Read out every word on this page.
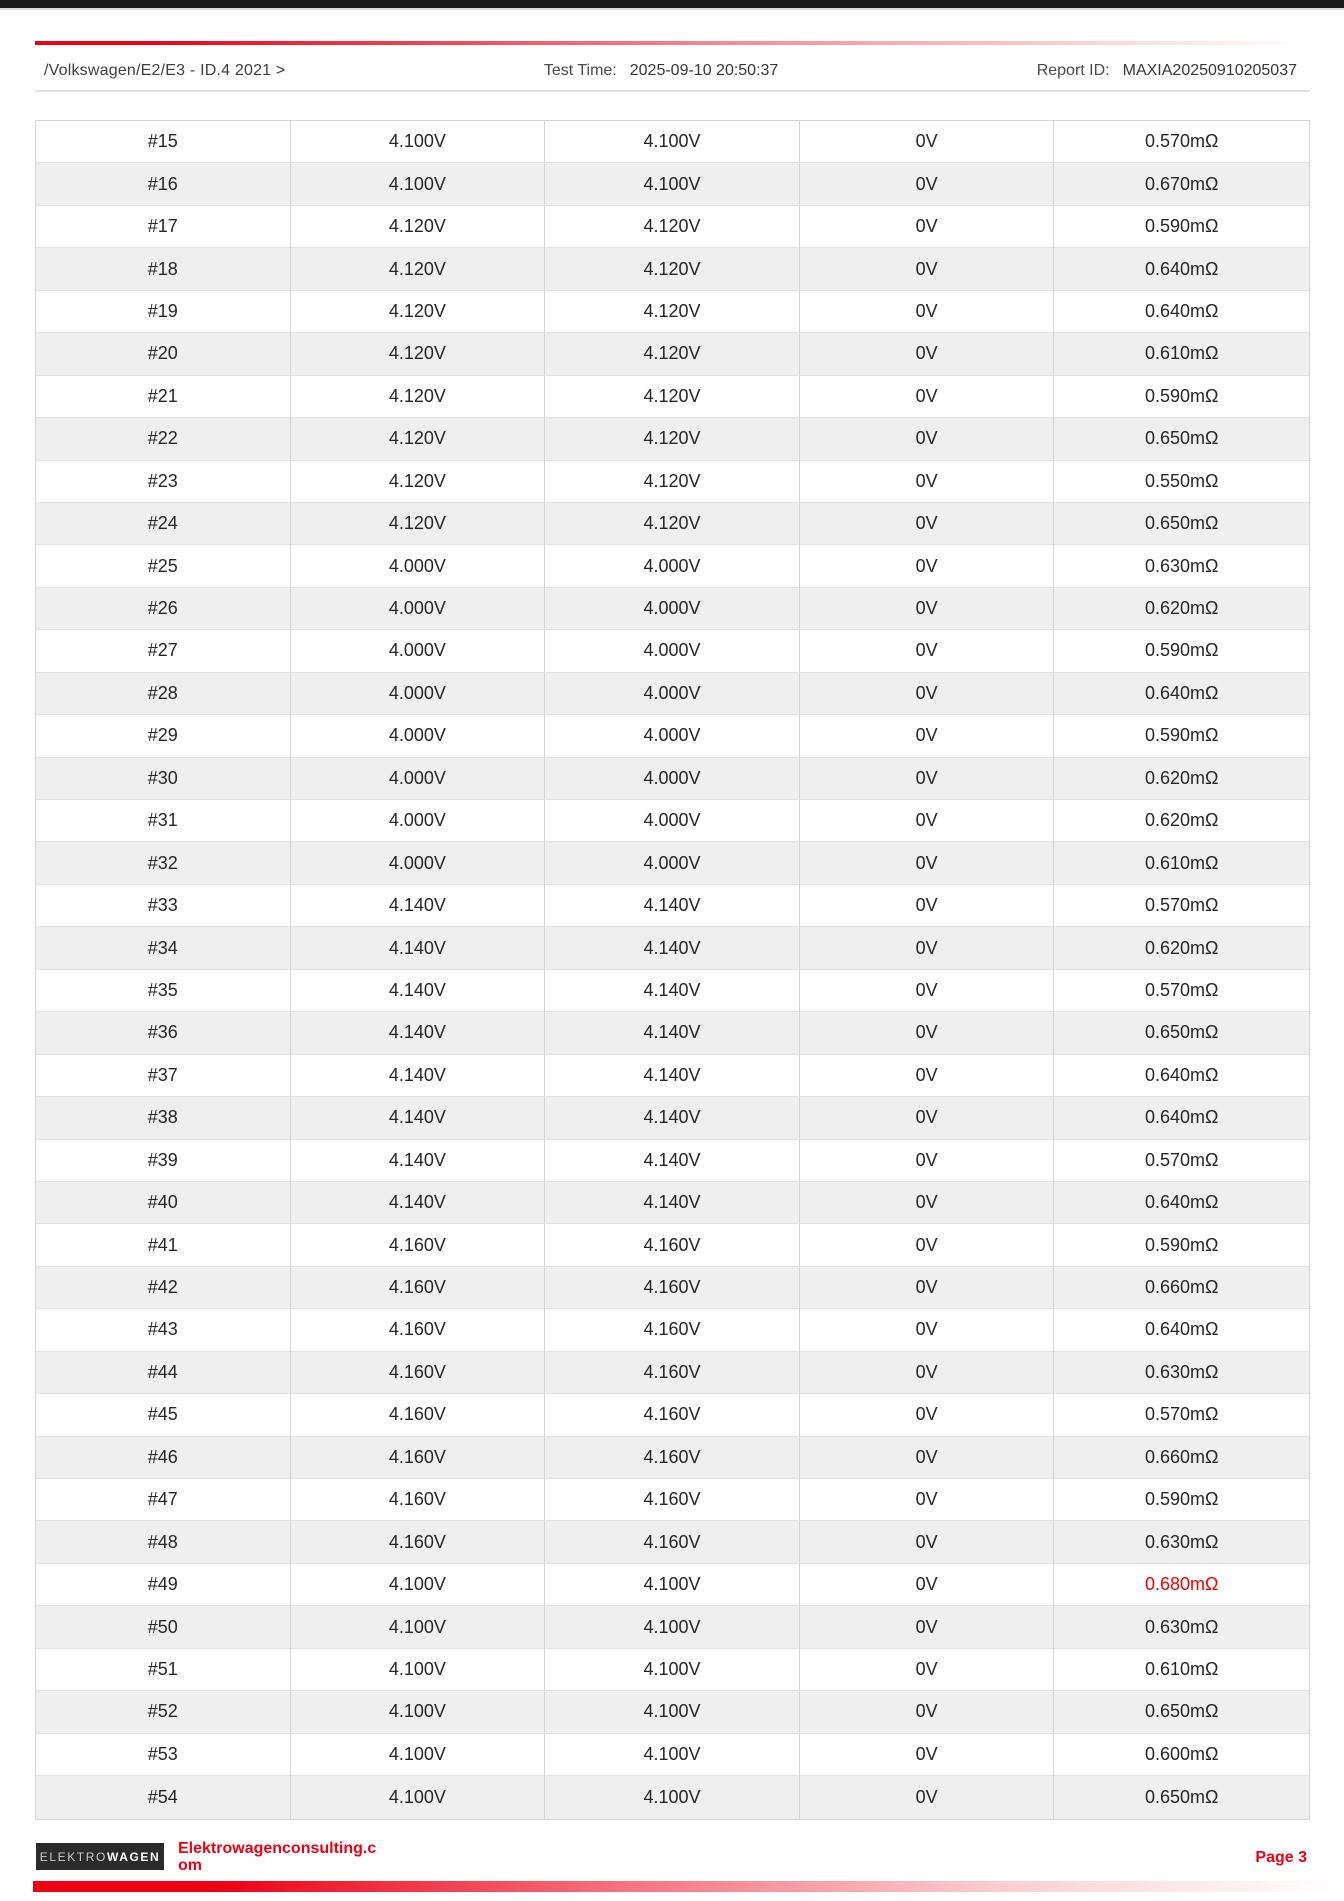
/Volkswagen/E2/E3 - ID.4 2021 >	Test Time: 2025-09-10 20:50:37	Report ID: MAXIA20250910205037
#15	4.100V	4.100V	0V	0.570mΩ
#16	4.100V	4.100V	0V	0.670mΩ
#17	4.120V	4.120V	0V	0.590mΩ
#18	4.120V	4.120V	0V	0.640mΩ
#19	4.120V	4.120V	0V	0.640mΩ
#20	4.120V	4.120V	0V	0.610mΩ
#21	4.120V	4.120V	0V	0.590mΩ
#22	4.120V	4.120V	0V	0.650mΩ
#23	4.120V	4.120V	0V	0.550mΩ
#24	4.120V	4.120V	0V	0.650mΩ
#25	4.000V	4.000V	0V	0.630mΩ
#26	4.000V	4.000V	0V	0.620mΩ
#27	4.000V	4.000V	0V	0.590mΩ
#28	4.000V	4.000V	0V	0.640mΩ
#29	4.000V	4.000V	0V	0.590mΩ
#30	4.000V	4.000V	0V	0.620mΩ
#31	4.000V	4.000V	0V	0.620mΩ
#32	4.000V	4.000V	0V	0.610mΩ
#33	4.140V	4.140V	0V	0.570mΩ
#34	4.140V	4.140V	0V	0.620mΩ
#35	4.140V	4.140V	0V	0.570mΩ
#36	4.140V	4.140V	0V	0.650mΩ
#37	4.140V	4.140V	0V	0.640mΩ
#38	4.140V	4.140V	0V	0.640mΩ
#39	4.140V	4.140V	0V	0.570mΩ
#40	4.140V	4.140V	0V	0.640mΩ
#41	4.160V	4.160V	0V	0.590mΩ
#42	4.160V	4.160V	0V	0.660mΩ
#43	4.160V	4.160V	0V	0.640mΩ
#44	4.160V	4.160V	0V	0.630mΩ
#45	4.160V	4.160V	0V	0.570mΩ
#46	4.160V	4.160V	0V	0.660mΩ
#47	4.160V	4.160V	0V	0.590mΩ
#48	4.160V	4.160V	0V	0.630mΩ
#49	4.100V	4.100V	0V	0.680mΩ
#50	4.100V	4.100V	0V	0.630mΩ
#51	4.100V	4.100V	0V	0.610mΩ
#52	4.100V	4.100V	0V	0.650mΩ
#53	4.100V	4.100V	0V	0.600mΩ
#54	4.100V	4.100V	0V	0.650mΩ
ELEKTRO WAGEN Elektrowagenconsulting.com	Page 3
